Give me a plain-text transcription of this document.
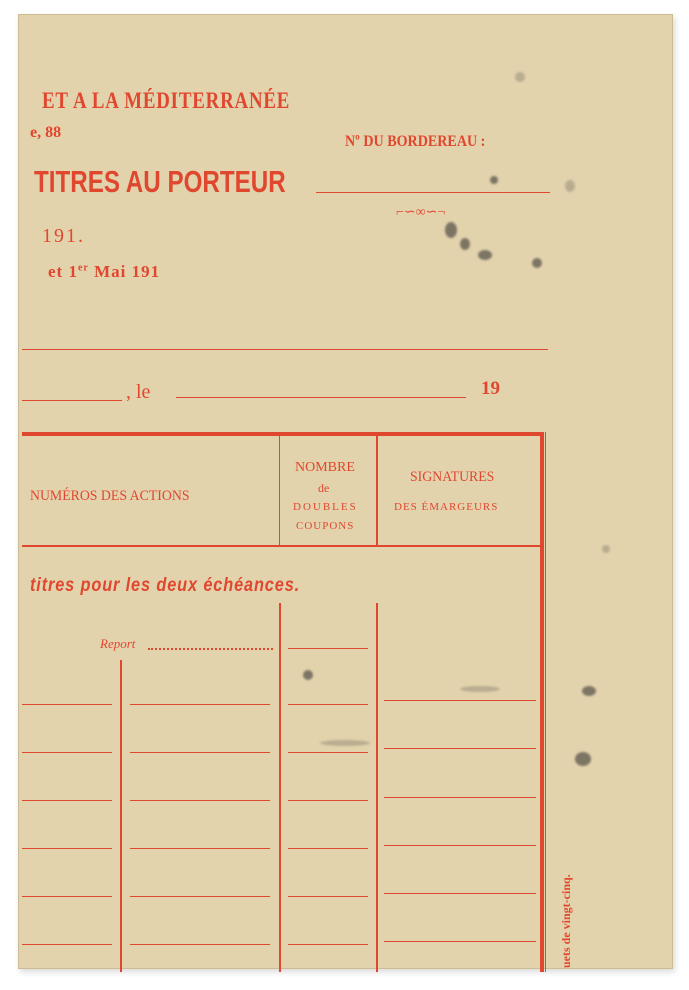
ET A LA MÉDITERRANÉE
e, 88
Nº DU BORDEREAU :
TITRES AU PORTEUR
⌐∽∞∽¬
191.
et 1er Mai 191
, le	19
NUMÉROS DES ACTIONS
NOMBRE
de
DOUBLES
COUPONS
SIGNATURES
DES ÉMARGEURS
titres pour les deux échéances.
Report
uets de vingt-cinq.
